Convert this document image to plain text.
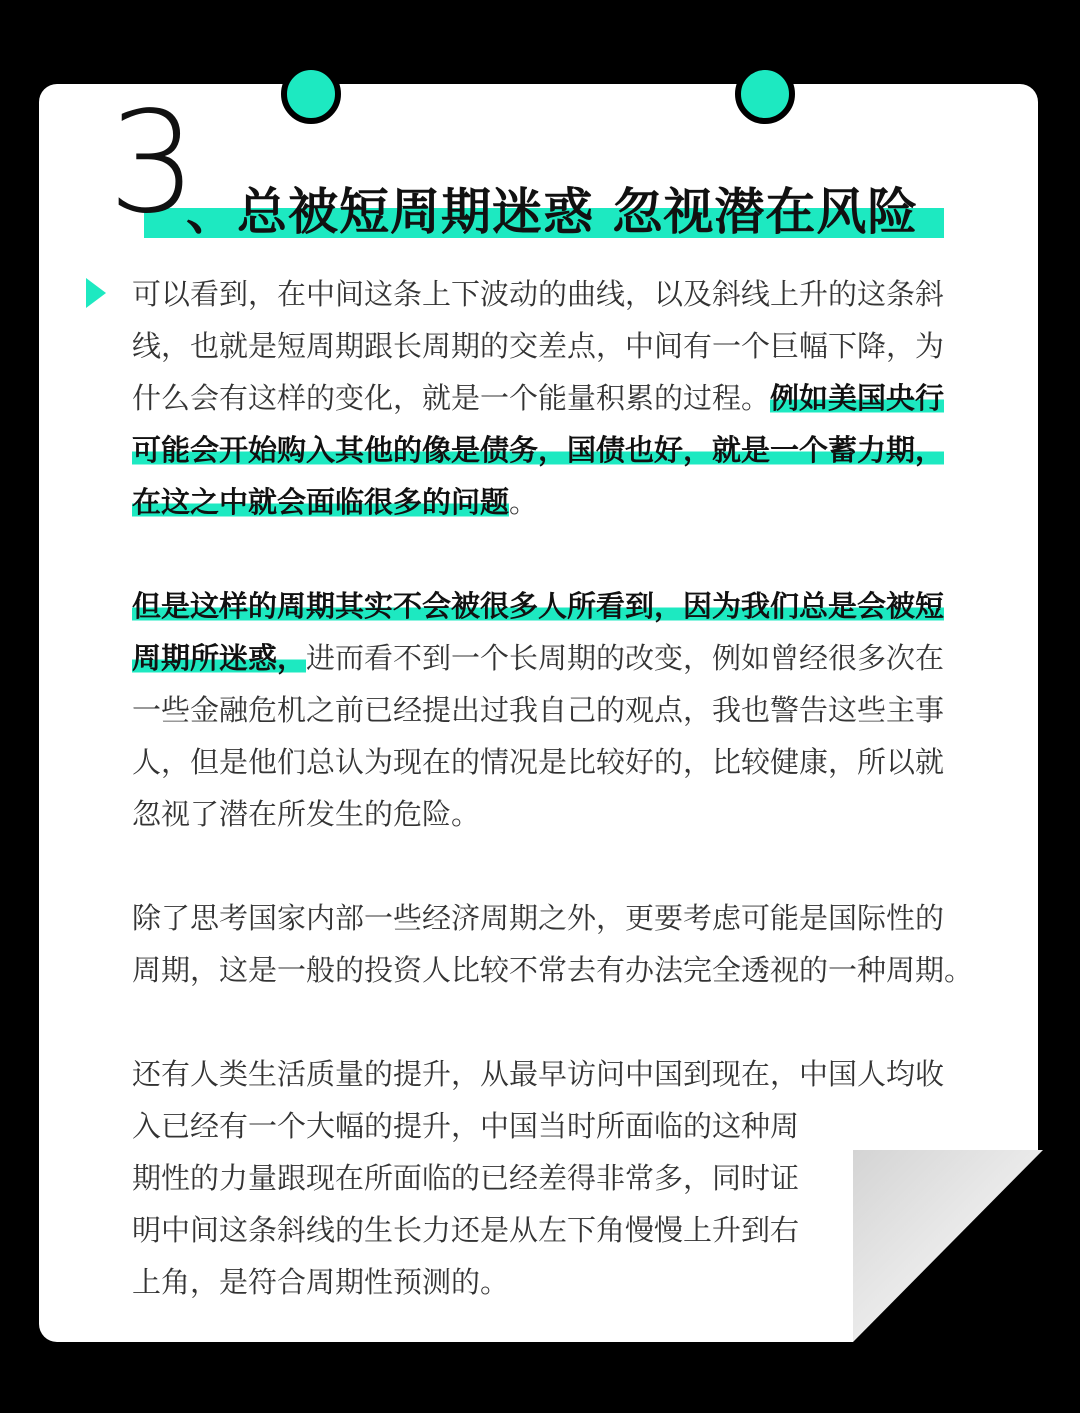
3
、总被短周期迷惑 忽视潜在风险

可以看到，在中间这条上下波动的曲线，以及斜线上升的这条斜
线，也就是短周期跟长周期的交差点，中间有一个巨幅下降，为
什么会有这样的变化，就是一个能量积累的过程。例如美国央行
可能会开始购入其他的像是债务，国债也好，就是一个蓄力期，
在这之中就会面临很多的问题。

但是这样的周期其实不会被很多人所看到，因为我们总是会被短
周期所迷惑，进而看不到一个长周期的改变，例如曾经很多次在
一些金融危机之前已经提出过我自己的观点，我也警告这些主事
人，但是他们总认为现在的情况是比较好的，比较健康，所以就
忽视了潜在所发生的危险。

除了思考国家内部一些经济周期之外，更要考虑可能是国际性的
周期，这是一般的投资人比较不常去有办法完全透视的一种周期。

还有人类生活质量的提升，从最早访问中国到现在，中国人均收
入已经有一个大幅的提升，中国当时所面临的这种周
期性的力量跟现在所面临的已经差得非常多，同时证
明中间这条斜线的生长力还是从左下角慢慢上升到右
上角，是符合周期性预测的。
